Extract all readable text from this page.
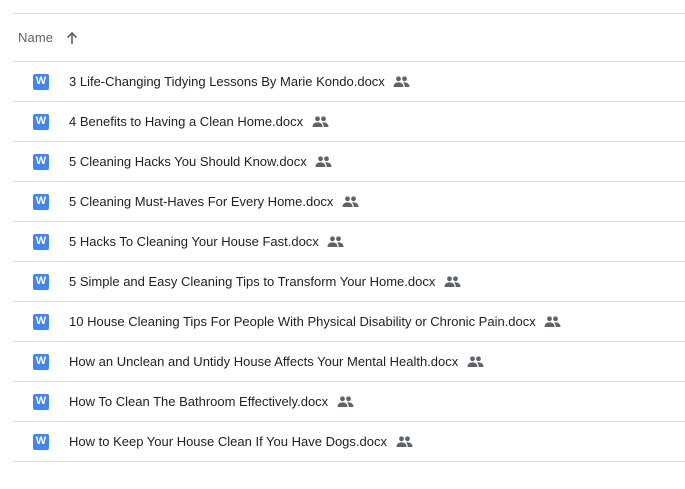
Name
W 3 Life-Changing Tidying Lessons By Marie Kondo.docx
W 4 Benefits to Having a Clean Home.docx
W 5 Cleaning Hacks You Should Know.docx
W 5 Cleaning Must-Haves For Every Home.docx
W 5 Hacks To Cleaning Your House Fast.docx
W 5 Simple and Easy Cleaning Tips to Transform Your Home.docx
W 10 House Cleaning Tips For People With Physical Disability or Chronic Pain.docx
W How an Unclean and Untidy House Affects Your Mental Health.docx
W How To Clean The Bathroom Effectively.docx
W How to Keep Your House Clean If You Have Dogs.docx
